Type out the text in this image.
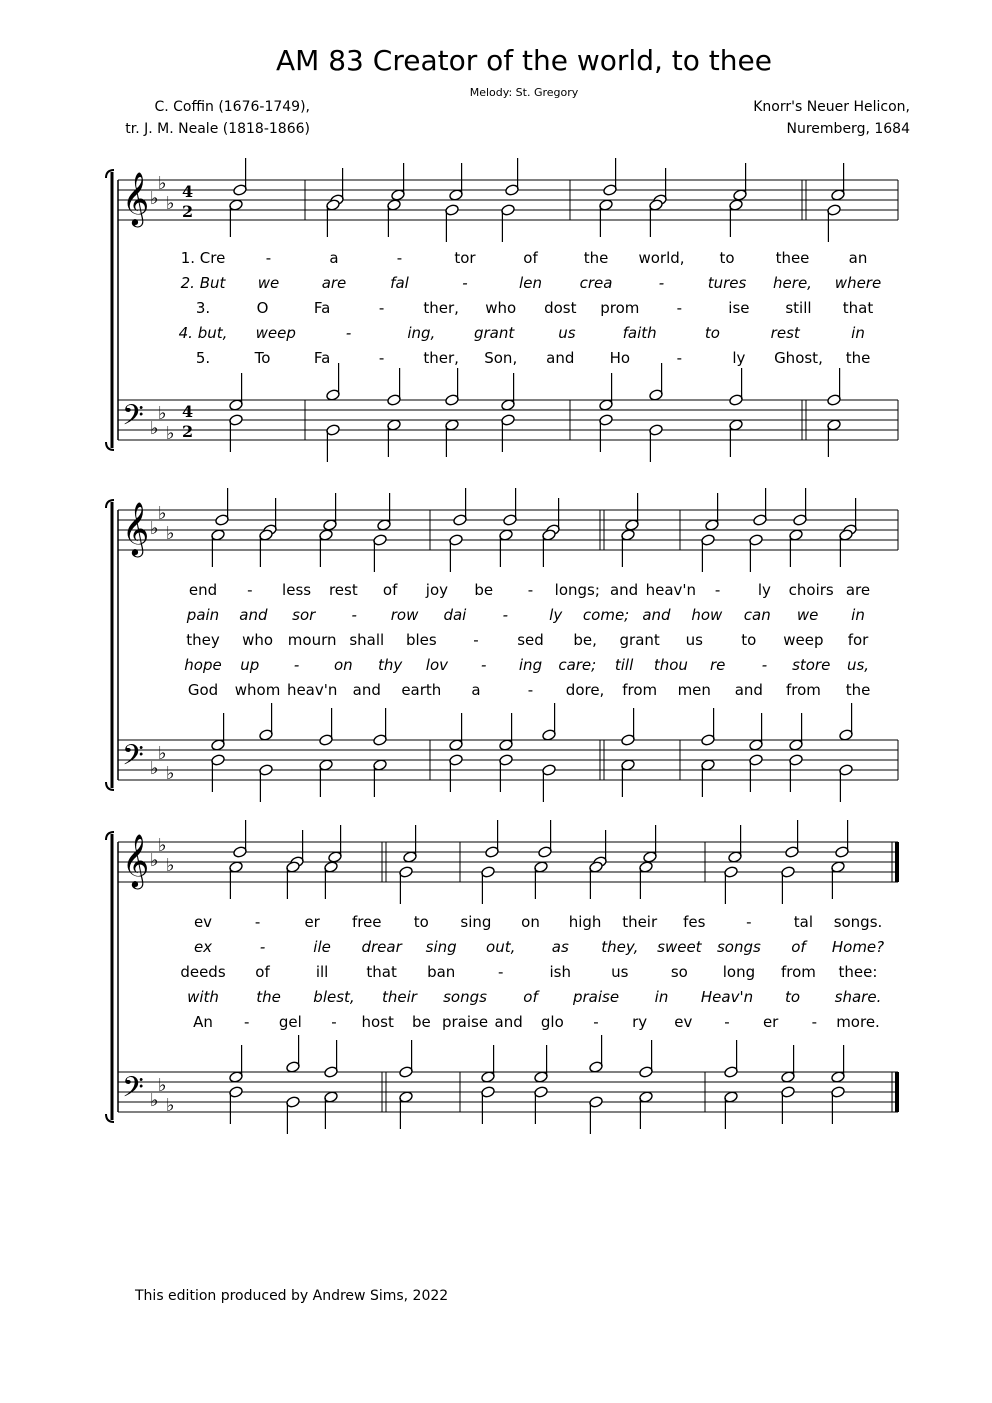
AM 83 Creator of the world, to thee
Melody: St. Gregory
C. Coffin (1676-1749),
tr. J. M. Neale (1818-1866)
Knorr's Neuer Helicon,
Nuremberg, 1684
𝄞
𝄢
♭
♭
♭
♭
♭
♭
4
2
4
2
1. Cre	-	a	-	tor	of	the world, to	thee	an
2. But we	are	fal	-	len	crea	-	tures here, where
3.	O	Fa	-	ther, who dost prom -	ise still that
4. but, weep	-	ing,	grant	us	faith	to	rest	in
5.	To	Fa	-	ther, Son, and Ho	-	ly Ghost, the
𝄞
𝄢
♭
♭
♭
♭
♭
♭
end - less rest of joy be - longs; and heav'n -	ly choirs are
pain and sor - row dai -	ly come; and how can we in
they who mourn shall bles -	sed be, grant us	to weep for
hope up - on thy lov - ing care; till thou re - store us,
God whom heav'n and earth a	- dore, from men and from the
𝄞
𝄢
♭
♭
♭
♭
♭
♭
ev	-	er free to sing on high their fes	-	tal songs.
ex	-	ile drear sing out, as they, sweet songs of Home?
deeds of	ill	that ban	-	ish	us	so long from thee:
with the blest, their songs of praise in Heav'n to share.
An - gel - host be praise and glo - ry ev - er - more.
This edition produced by Andrew Sims, 2022
